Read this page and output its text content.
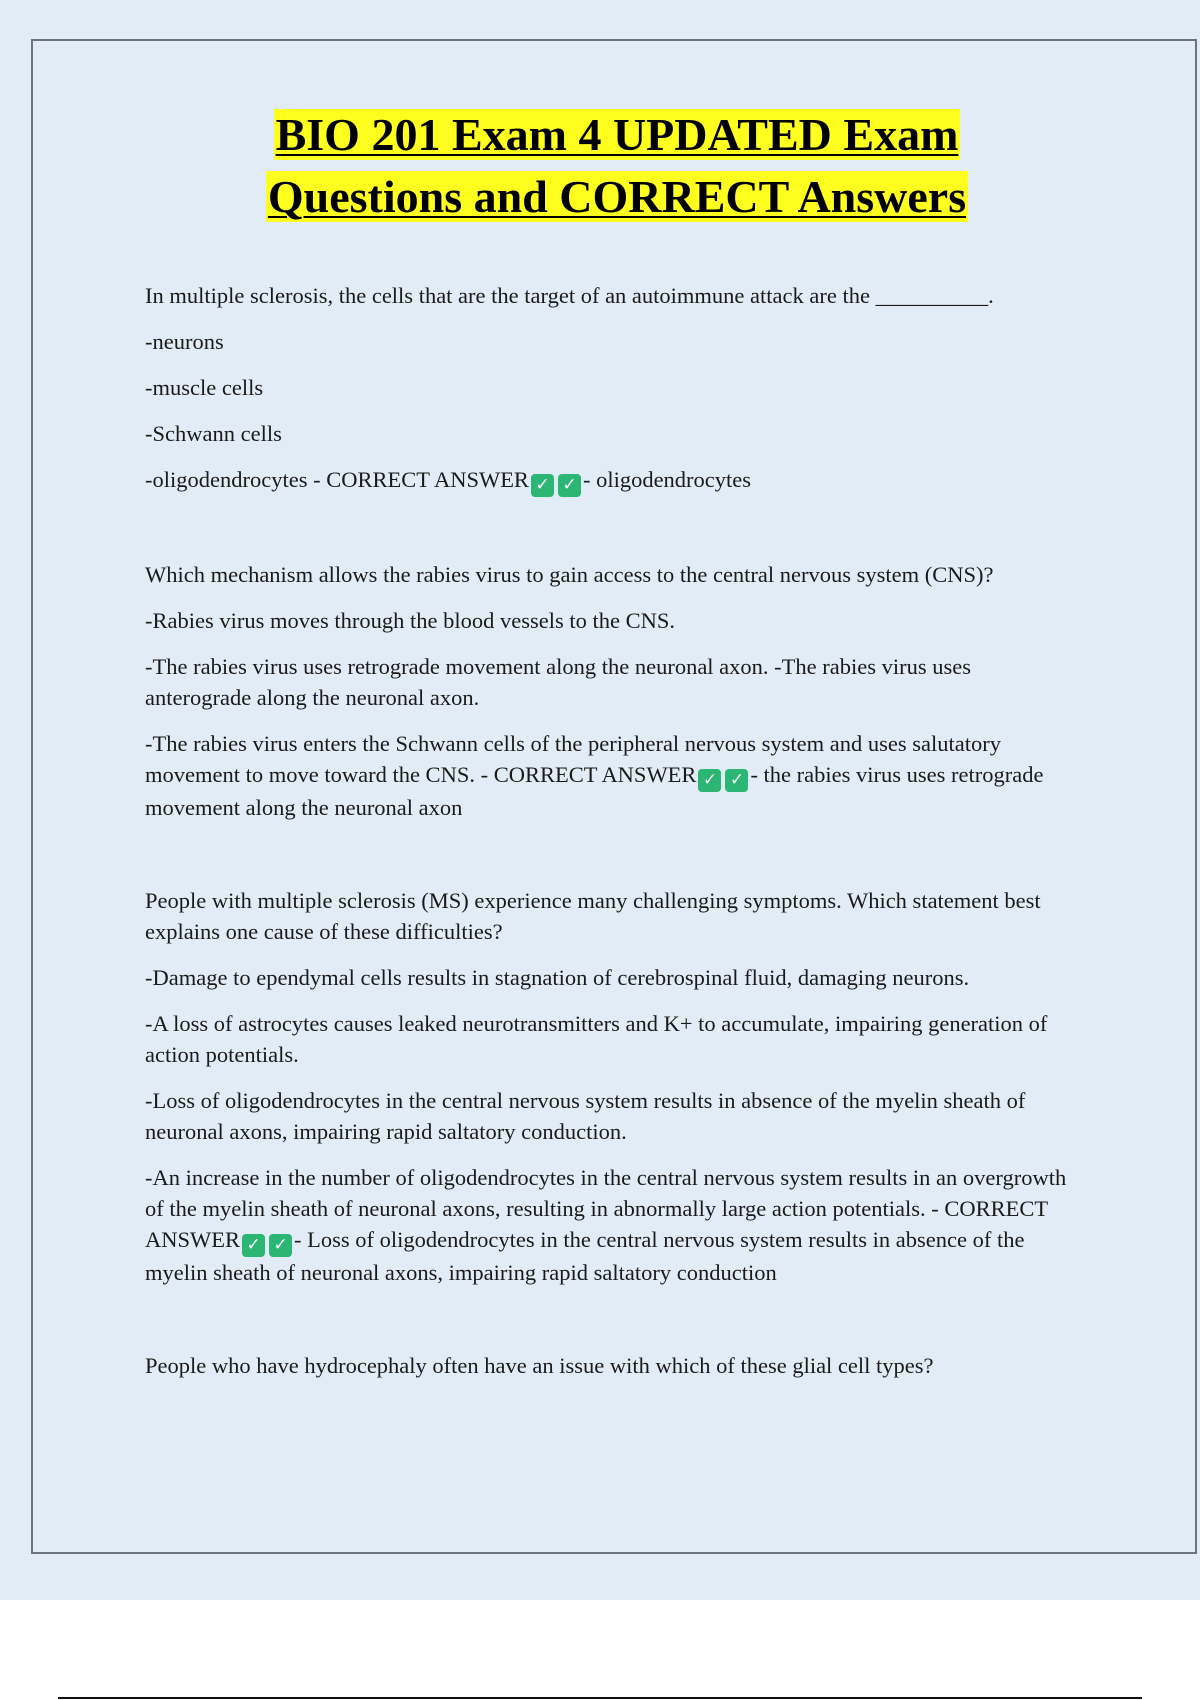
BIO 201 Exam 4 UPDATED Exam
Questions and CORRECT Answers

In multiple sclerosis, the cells that are the target of an autoimmune attack are the __________.

-neurons

-muscle cells

-Schwann cells

-oligodendrocytes - CORRECT ANSWER ✓ ✓ - oligodendrocytes

Which mechanism allows the rabies virus to gain access to the central nervous system (CNS)?

-Rabies virus moves through the blood vessels to the CNS.

-The rabies virus uses retrograde movement along the neuronal axon. -The rabies virus uses anterograde along the neuronal axon.

-The rabies virus enters the Schwann cells of the peripheral nervous system and uses salutatory movement to move toward the CNS. - CORRECT ANSWER ✓ ✓ - the rabies virus uses retrograde movement along the neuronal axon

People with multiple sclerosis (MS) experience many challenging symptoms. Which statement best explains one cause of these difficulties?

-Damage to ependymal cells results in stagnation of cerebrospinal fluid, damaging neurons.

-A loss of astrocytes causes leaked neurotransmitters and K+ to accumulate, impairing generation of action potentials.

-Loss of oligodendrocytes in the central nervous system results in absence of the myelin sheath of neuronal axons, impairing rapid saltatory conduction.

-An increase in the number of oligodendrocytes in the central nervous system results in an overgrowth of the myelin sheath of neuronal axons, resulting in abnormally large action potentials. - CORRECT ANSWER ✓ ✓ - Loss of oligodendrocytes in the central nervous system results in absence of the myelin sheath of neuronal axons, impairing rapid saltatory conduction

People who have hydrocephaly often have an issue with which of these glial cell types?
